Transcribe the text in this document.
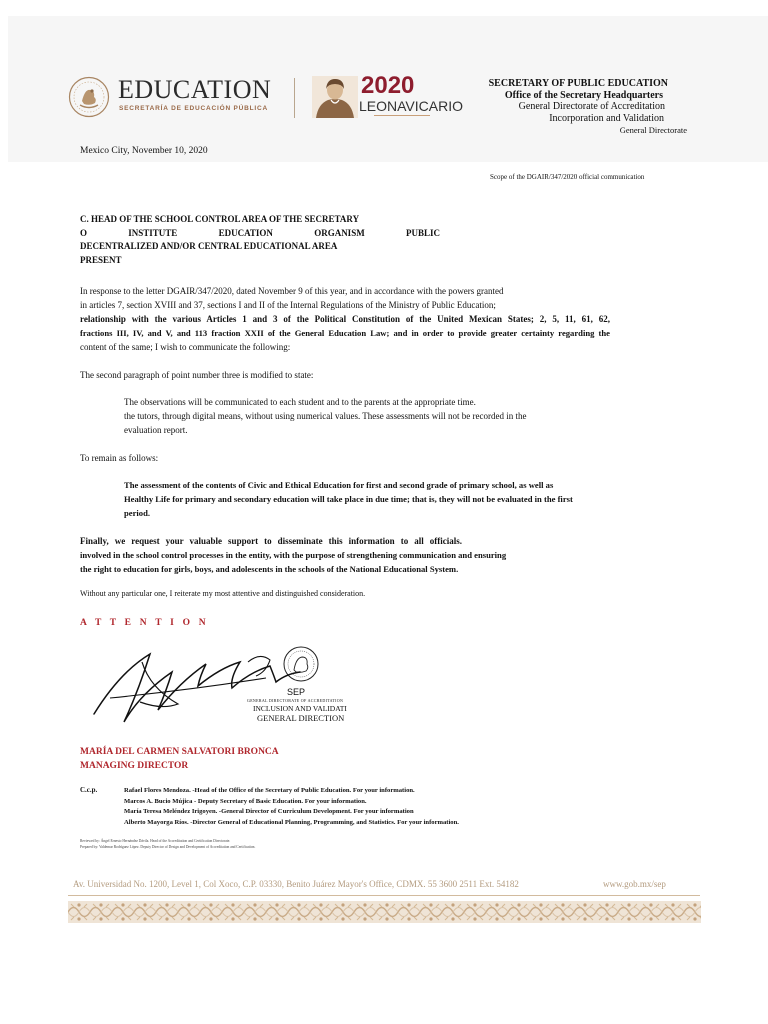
EDUCATION
SECRETARÍA DE EDUCACIÓN PÚBLICA
2020
LEONAVICARIO
SECRETARY OF PUBLIC EDUCATION
Office of the Secretary Headquarters
General Directorate of Accreditation
Incorporation and Validation
General Directorate
Mexico City, November 10, 2020
Scope of the DGAIR/347/2020 official communication
C. HEAD OF THE SCHOOL CONTROL AREA OF THE SECRETARY
O	INSTITUTE	EDUCATION	ORGANISM	PUBLIC
DECENTRALIZED AND/OR CENTRAL EDUCATIONAL AREA
PRESENT
In response to the letter DGAIR/347/2020, dated November 9 of this year, and in accordance with the powers granted
in articles 7, section XVIII and 37, sections I and II of the Internal Regulations of the Ministry of Public Education;
relationship with the various Articles 1 and 3 of the Political Constitution of the United Mexican States; 2, 5, 11, 61, 62,
fractions III, IV, and V, and 113 fraction XXII of the General Education Law; and in order to provide greater certainty regarding the
content of the same; I wish to communicate the following:
The second paragraph of point number three is modified to state:
The observations will be communicated to each student and to the parents at the appropriate time.
the tutors, through digital means, without using numerical values. These assessments will not be recorded in the
evaluation report.
To remain as follows:
The assessment of the contents of Civic and Ethical Education for first and second grade of primary school, as well as
Healthy Life for primary and secondary education will take place in due time; that is, they will not be evaluated in the first
period.
Finally, we request your valuable support to disseminate this information to all officials.
involved in the school control processes in the entity, with the purpose of strengthening communication and ensuring
the right to education for girls, boys, and adolescents in the schools of the National Educational System.
Without any particular one, I reiterate my most attentive and distinguished consideration.
A T T E N T I O N
SEP
GENERAL DIRECTORATE OF ACCREDITATION
INCLUSION AND VALIDATI
GENERAL DIRECTION
MARÍA DEL CARMEN SALVATORI BRONCA
MANAGING DIRECTOR
C.c.p.	Rafael Flores Mendoza. -Head of the Office of the Secretary of Public Education. For your information.
Marcos A. Bucio Mújica - Deputy Secretary of Basic Education. For your information.
María Teresa Meléndez Irigoyen. -General Director of Curriculum Development. For your information
Alberto Mayorga Ríos. -Director General of Educational Planning, Programming, and Statistics. For your information.
Reviewed by: Ángel Ernesto Hernández Dávila. Head of the Accreditation and Certification Directorate.
Prepared by: Valdemar Rodríguez López. Deputy Director of Design and Development of Accreditation and Certification.
Av. Universidad No. 1200, Level 1, Col Xoco, C.P. 03330, Benito Juárez Mayor's Office, CDMX. 55 3600 2511 Ext. 54182	www.gob.mx/sep
